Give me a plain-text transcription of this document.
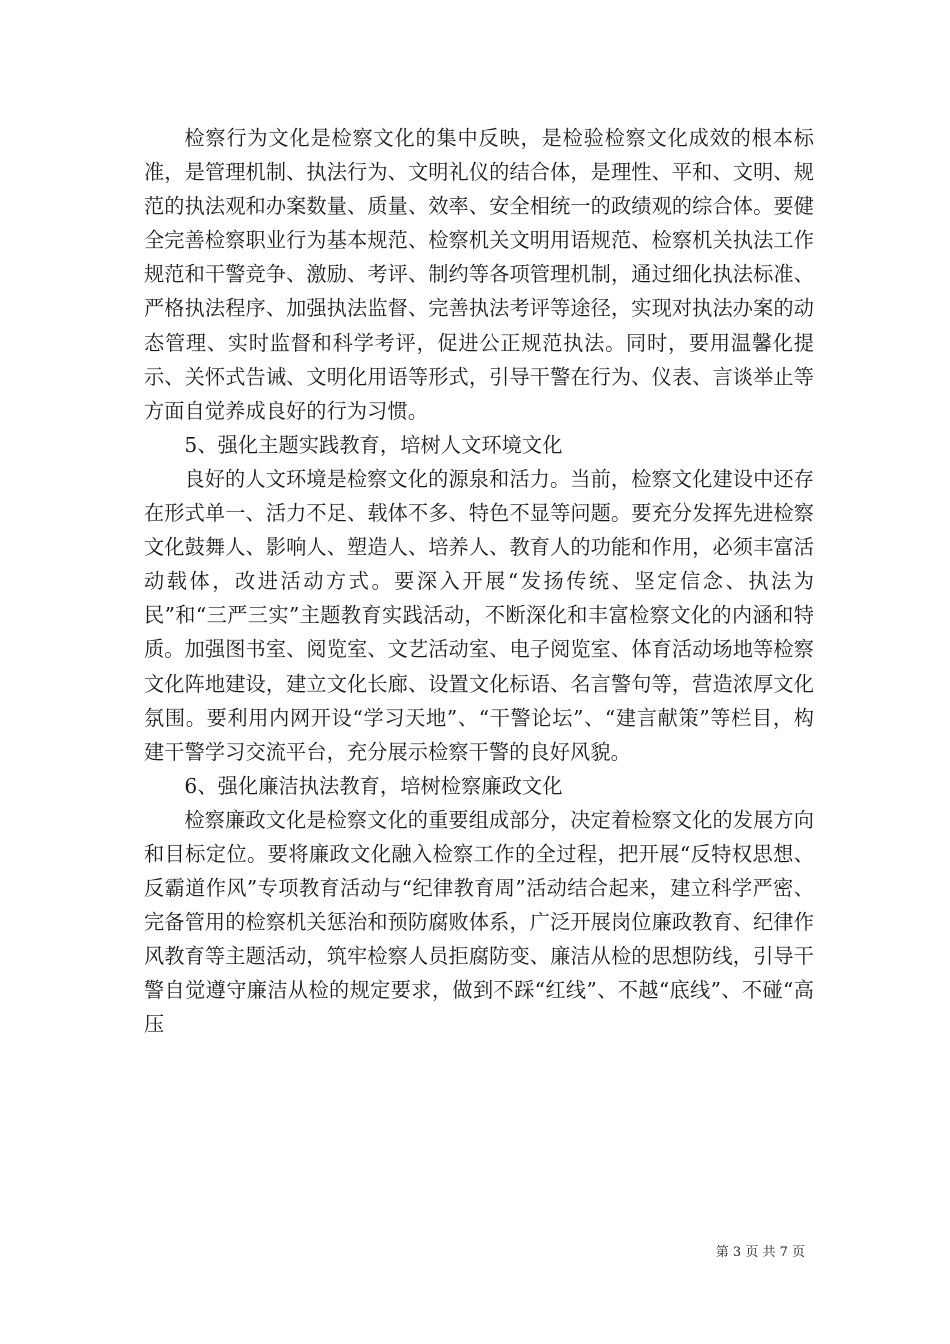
检察行为文化是检察文化的集中反映，是检验检察文化成效的根本标准，是管理机制、执法行为、文明礼仪的结合体，是理性、平和、文明、规范的执法观和办案数量、质量、效率、安全相统一的政绩观的综合体。要健全完善检察职业行为基本规范、检察机关文明用语规范、检察机关执法工作规范和干警竞争、激励、考评、制约等各项管理机制，通过细化执法标准、严格执法程序、加强执法监督、完善执法考评等途径，实现对执法办案的动态管理、实时监督和科学考评，促进公正规范执法。同时，要用温馨化提示、关怀式告诫、文明化用语等形式，引导干警在行为、仪表、言谈举止等方面自觉养成良好的行为习惯。

5、强化主题实践教育，培树人文环境文化

良好的人文环境是检察文化的源泉和活力。当前，检察文化建设中还存在形式单一、活力不足、载体不多、特色不显等问题。要充分发挥先进检察文化鼓舞人、影响人、塑造人、培养人、教育人的功能和作用，必须丰富活动载体，改进活动方式。要深入开展“发扬传统、坚定信念、执法为民”和“三严三实”主题教育实践活动，不断深化和丰富检察文化的内涵和特质。加强图书室、阅览室、文艺活动室、电子阅览室、体育活动场地等检察文化阵地建设，建立文化长廊、设置文化标语、名言警句等，营造浓厚文化氛围。要利用内网开设“学习天地”、“干警论坛”、“建言献策”等栏目，构建干警学习交流平台，充分展示检察干警的良好风貌。

6、强化廉洁执法教育，培树检察廉政文化

检察廉政文化是检察文化的重要组成部分，决定着检察文化的发展方向和目标定位。要将廉政文化融入检察工作的全过程，把开展“反特权思想、反霸道作风”专项教育活动与“纪律教育周”活动结合起来，建立科学严密、完备管用的检察机关惩治和预防腐败体系，广泛开展岗位廉政教育、纪律作风教育等主题活动，筑牢检察人员拒腐防变、廉洁从检的思想防线，引导干警自觉遵守廉洁从检的规定要求，做到不踩“红线”、不越“底线”、不碰“高压

第 3 页 共 7 页
